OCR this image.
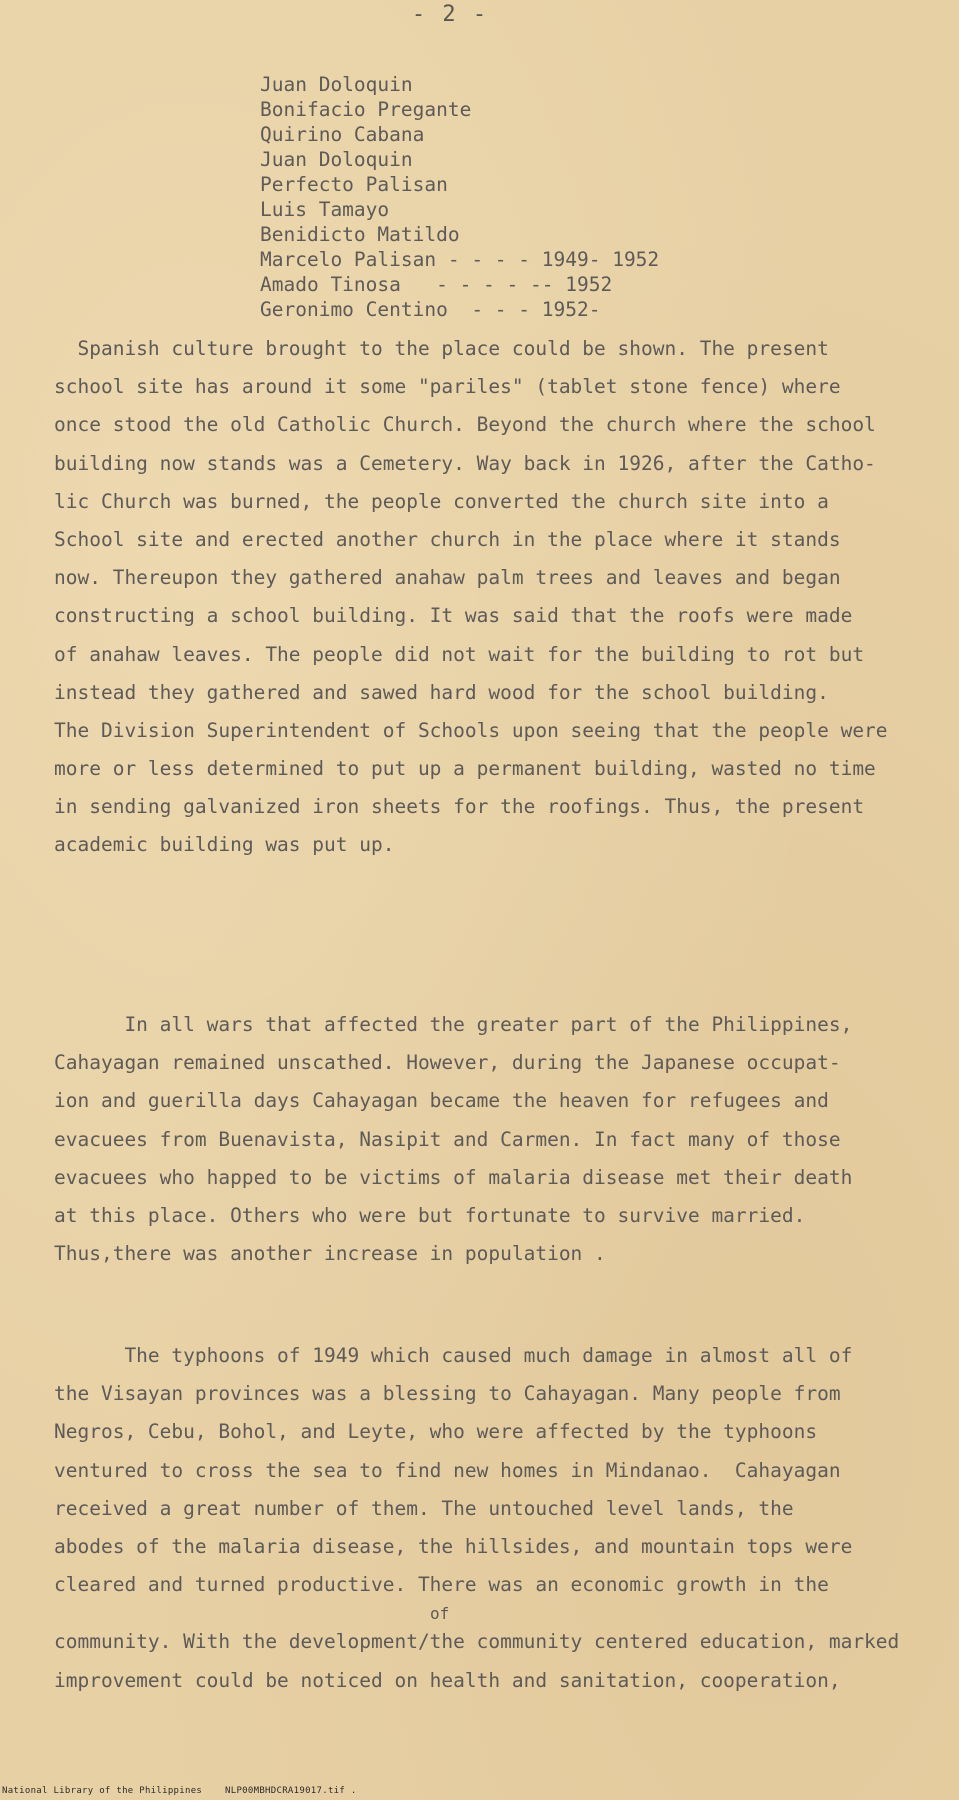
- 2 -
Juan Doloquin
Bonifacio Pregante
Quirino Cabana
Juan Doloquin
Perfecto Palisan
Luis Tamayo
Benidicto Matildo
Marcelo Palisan - - - - 1949- 1952
Amado Tinosa   - - - - -- 1952
Geronimo Centino  - - - 1952-
Spanish culture brought to the place could be shown. The present
school site has around it some "pariles" (tablet stone fence) where
once stood the old Catholic Church. Beyond the church where the school
building now stands was a Cemetery. Way back in 1926, after the Catho-
lic Church was burned, the people converted the church site into a
School site and erected another church in the place where it stands
now. Thereupon they gathered anahaw palm trees and leaves and began
constructing a school building. It was said that the roofs were made
of anahaw leaves. The people did not wait for the building to rot but
instead they gathered and sawed hard wood for the school building.
The Division Superintendent of Schools upon seeing that the people were
more or less determined to put up a permanent building, wasted no time
in sending galvanized iron sheets for the roofings. Thus, the present
academic building was put up.
In all wars that affected the greater part of the Philippines,
Cahayagan remained unscathed. However, during the Japanese occupat-
ion and guerilla days Cahayagan became the heaven for refugees and
evacuees from Buenavista, Nasipit and Carmen. In fact many of those
evacuees who happed to be victims of malaria disease met their death
at this place. Others who were but fortunate to survive married.
Thus,there was another increase in population .
The typhoons of 1949 which caused much damage in almost all of
the Visayan provinces was a blessing to Cahayagan. Many people from
Negros, Cebu, Bohol, and Leyte, who were affected by the typhoons
ventured to cross the sea to find new homes in Mindanao.  Cahayagan
received a great number of them. The untouched level lands, the
abodes of the malaria disease, the hillsides, and mountain tops were
cleared and turned productive. There was an economic growth in the
of
community. With the development/the community centered education, marked
improvement could be noticed on health and sanitation, cooperation,
National Library of the Philippines    NLP00MBHDCRA19017.tif .
